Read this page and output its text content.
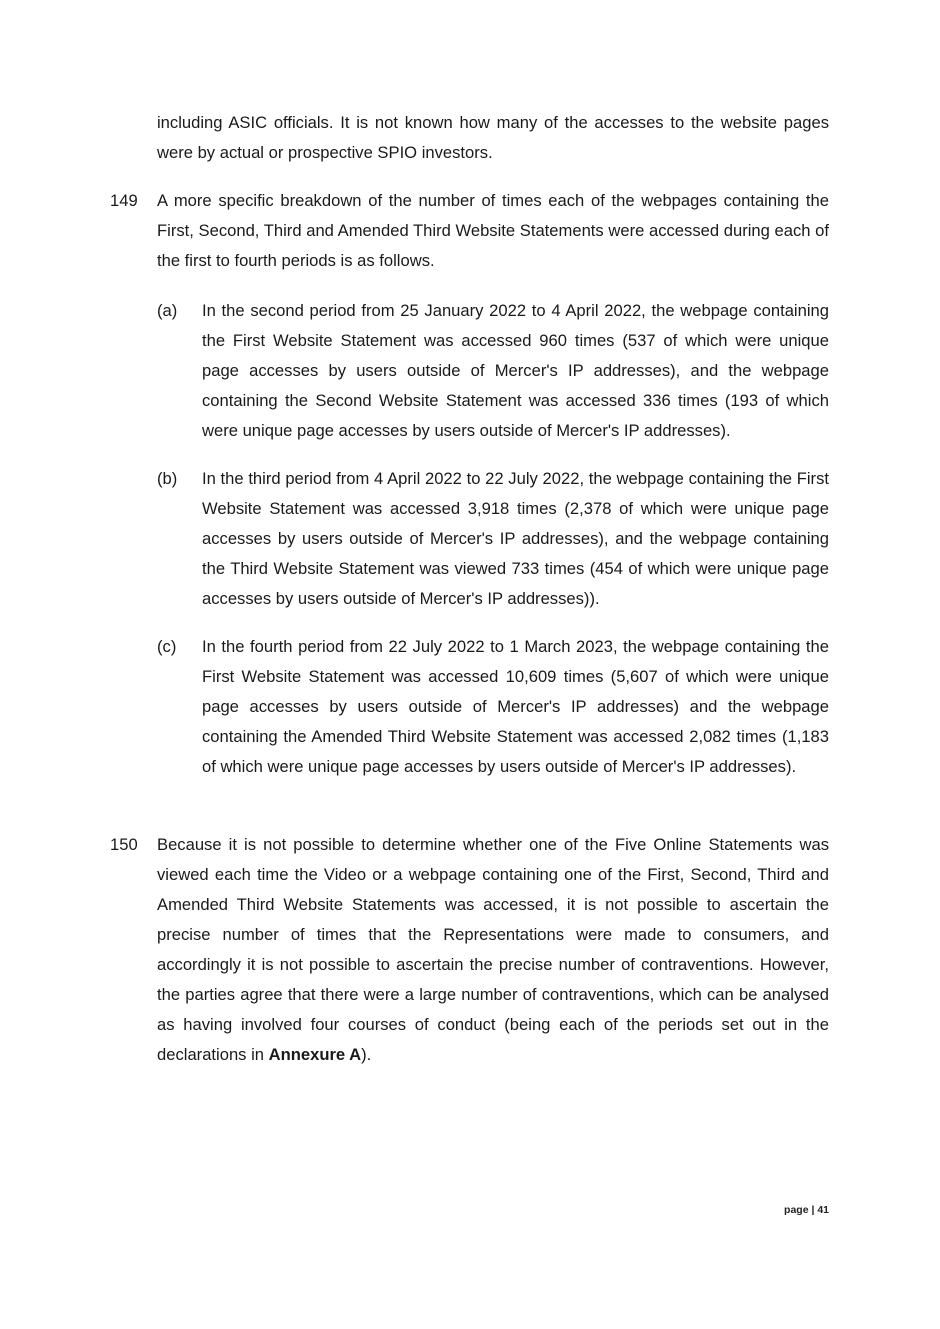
including ASIC officials. It is not known how many of the accesses to the website pages were by actual or prospective SPIO investors.

149 A more specific breakdown of the number of times each of the webpages containing the First, Second, Third and Amended Third Website Statements were accessed during each of the first to fourth periods is as follows.

(a) In the second period from 25 January 2022 to 4 April 2022, the webpage containing the First Website Statement was accessed 960 times (537 of which were unique page accesses by users outside of Mercer's IP addresses), and the webpage containing the Second Website Statement was accessed 336 times (193 of which were unique page accesses by users outside of Mercer's IP addresses).

(b) In the third period from 4 April 2022 to 22 July 2022, the webpage containing the First Website Statement was accessed 3,918 times (2,378 of which were unique page accesses by users outside of Mercer's IP addresses), and the webpage containing the Third Website Statement was viewed 733 times (454 of which were unique page accesses by users outside of Mercer's IP addresses)).

(c) In the fourth period from 22 July 2022 to 1 March 2023, the webpage containing the First Website Statement was accessed 10,609 times (5,607 of which were unique page accesses by users outside of Mercer's IP addresses) and the webpage containing the Amended Third Website Statement was accessed 2,082 times (1,183 of which were unique page accesses by users outside of Mercer's IP addresses).

150 Because it is not possible to determine whether one of the Five Online Statements was viewed each time the Video or a webpage containing one of the First, Second, Third and Amended Third Website Statements was accessed, it is not possible to ascertain the precise number of times that the Representations were made to consumers, and accordingly it is not possible to ascertain the precise number of contraventions. However, the parties agree that there were a large number of contraventions, which can be analysed as having involved four courses of conduct (being each of the periods set out in the declarations in Annexure A).

page | 41
